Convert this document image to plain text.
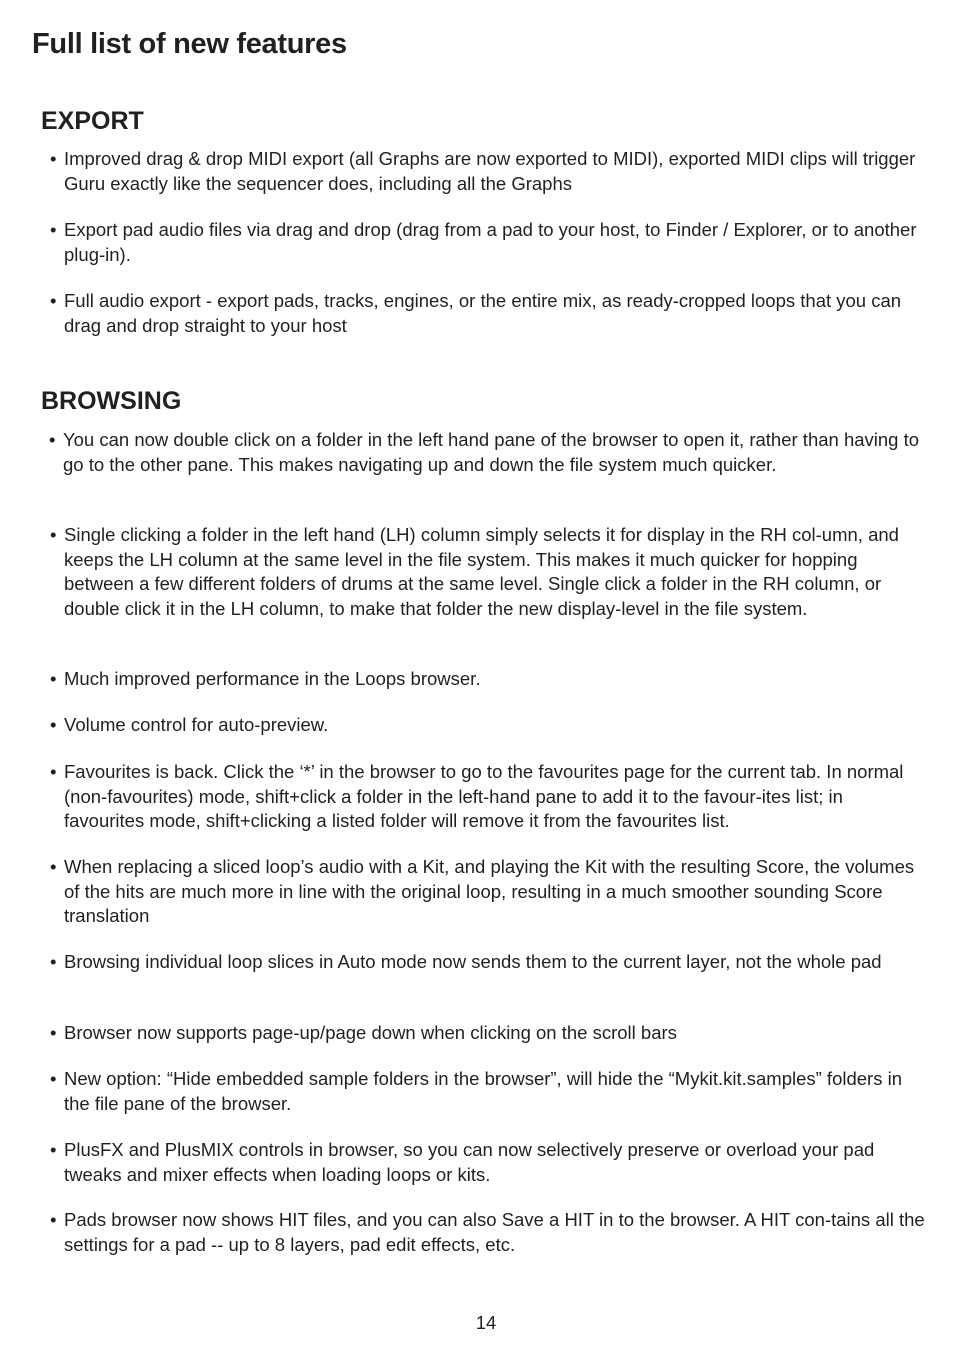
Full list of new features
EXPORT
• Improved drag & drop MIDI export (all Graphs are now exported to MIDI), exported MIDI clips will trigger Guru exactly like the sequencer does, including all the Graphs
• Export pad audio files via drag and drop (drag from a pad to your host, to Finder / Explorer, or to another plug-in).
• Full audio export - export pads, tracks, engines, or the entire mix, as ready-cropped loops that you can drag and drop straight to your host
BROWSING
• You can now double click on a folder in the left hand pane of the browser to open it, rather than having to go to the other pane. This makes navigating up and down the file system much quicker.
• Single clicking a folder in the left hand (LH) column simply selects it for display in the RH col-umn, and keeps the LH column at the same level in the file system. This makes it much quicker for hopping between a few different folders of drums at the same level. Single click a folder in the RH column, or double click it in the LH column, to make that folder the new display-level in the file system.
• Much improved performance in the Loops browser.
• Volume control for auto-preview.
• Favourites is back. Click the ‘*’ in the browser to go to the favourites page for the current tab. In normal (non-favourites) mode, shift+click a folder in the left-hand pane to add it to the favour-ites list; in favourites mode, shift+clicking a listed folder will remove it from the favourites list.
• When replacing a sliced loop’s audio with a Kit, and playing the Kit with the resulting Score, the volumes of the hits are much more in line with the original loop, resulting in a much smoother sounding Score translation
• Browsing individual loop slices in Auto mode now sends them to the current layer, not the whole pad
• Browser now supports page-up/page down when clicking on the scroll bars
• New option: “Hide embedded sample folders in the browser”, will hide the “Mykit.kit.samples” folders in the file pane of the browser.
• PlusFX and PlusMIX controls in browser, so you can now selectively preserve or overload your pad tweaks and mixer effects when loading loops or kits.
• Pads browser now shows HIT files, and you can also Save a HIT in to the browser. A HIT con-tains all the settings for a pad -- up to 8 layers, pad edit effects, etc.
14
